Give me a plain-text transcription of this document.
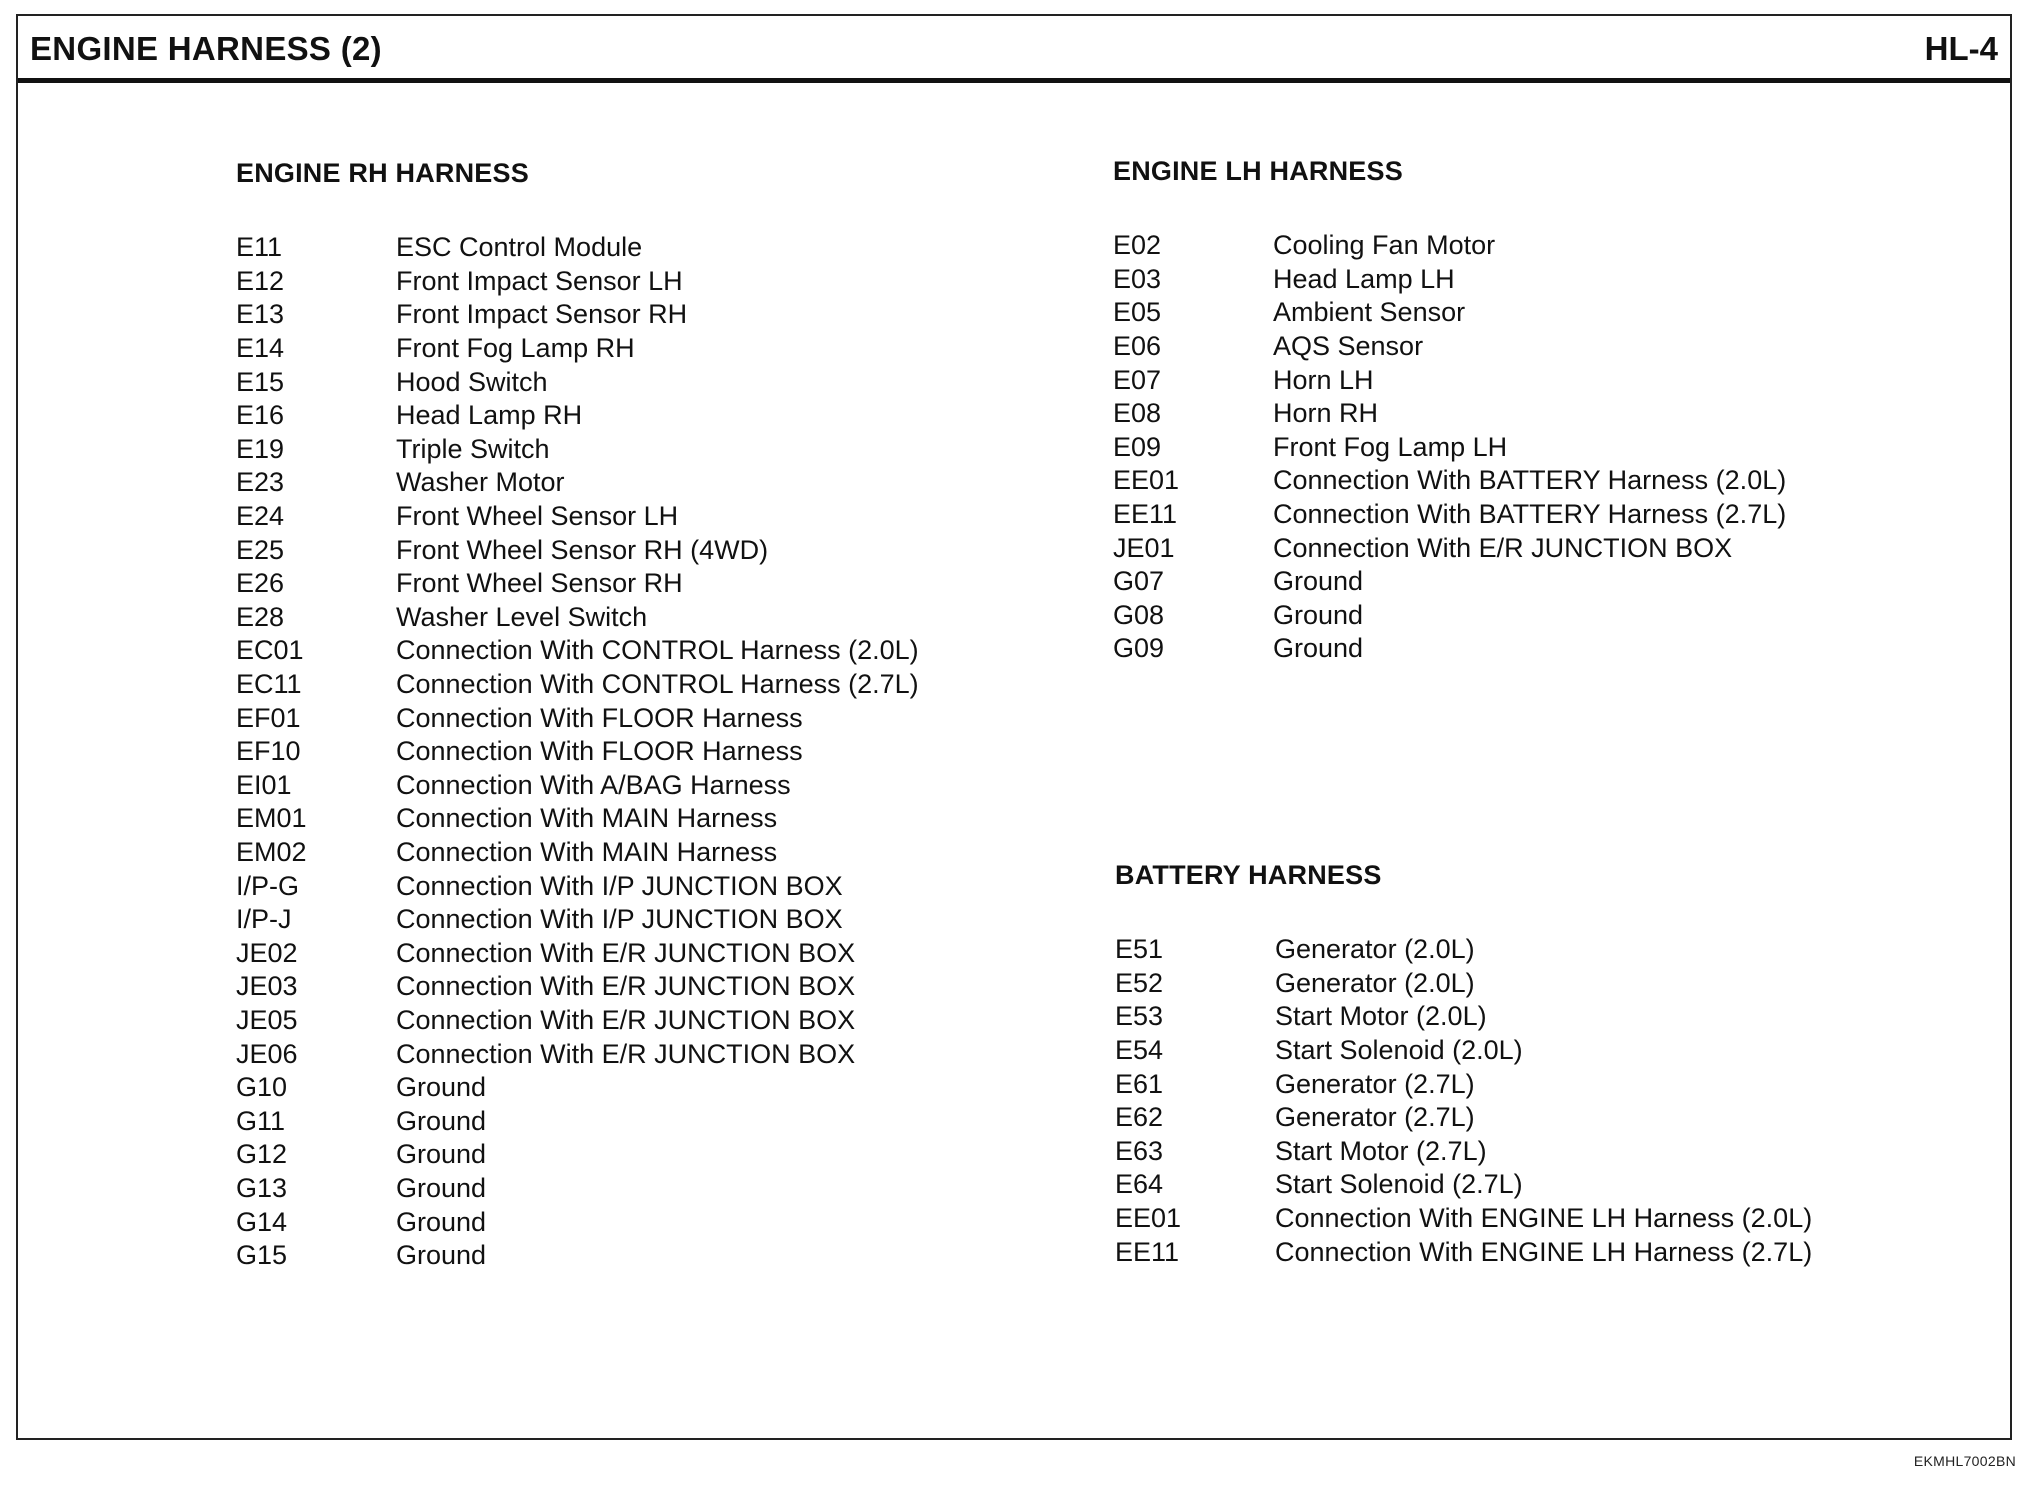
ENGINE HARNESS (2)	HL-4
ENGINE RH HARNESS
E11	ESC Control Module
E12	Front Impact Sensor LH
E13	Front Impact Sensor RH
E14	Front Fog Lamp RH
E15	Hood Switch
E16	Head Lamp RH
E19	Triple Switch
E23	Washer Motor
E24	Front Wheel Sensor LH
E25	Front Wheel Sensor RH (4WD)
E26	Front Wheel Sensor RH
E28	Washer Level Switch
EC01	Connection With CONTROL Harness (2.0L)
EC11	Connection With CONTROL Harness (2.7L)
EF01	Connection With FLOOR Harness
EF10	Connection With FLOOR Harness
EI01	Connection With A/BAG Harness
EM01	Connection With MAIN Harness
EM02	Connection With MAIN Harness
I/P-G	Connection With I/P JUNCTION BOX
I/P-J	Connection With I/P JUNCTION BOX
JE02	Connection With E/R JUNCTION BOX
JE03	Connection With E/R JUNCTION BOX
JE05	Connection With E/R JUNCTION BOX
JE06	Connection With E/R JUNCTION BOX
G10	Ground
G11	Ground
G12	Ground
G13	Ground
G14	Ground
G15	Ground
ENGINE LH HARNESS
E02	Cooling Fan Motor
E03	Head Lamp LH
E05	Ambient Sensor
E06	AQS Sensor
E07	Horn LH
E08	Horn RH
E09	Front Fog Lamp LH
EE01	Connection With BATTERY Harness (2.0L)
EE11	Connection With BATTERY Harness (2.7L)
JE01	Connection With E/R JUNCTION BOX
G07	Ground
G08	Ground
G09	Ground
BATTERY HARNESS
E51	Generator (2.0L)
E52	Generator (2.0L)
E53	Start Motor (2.0L)
E54	Start Solenoid (2.0L)
E61	Generator (2.7L)
E62	Generator (2.7L)
E63	Start Motor (2.7L)
E64	Start Solenoid (2.7L)
EE01	Connection With ENGINE LH Harness (2.0L)
EE11	Connection With ENGINE LH Harness (2.7L)
EKMHL7002BN
